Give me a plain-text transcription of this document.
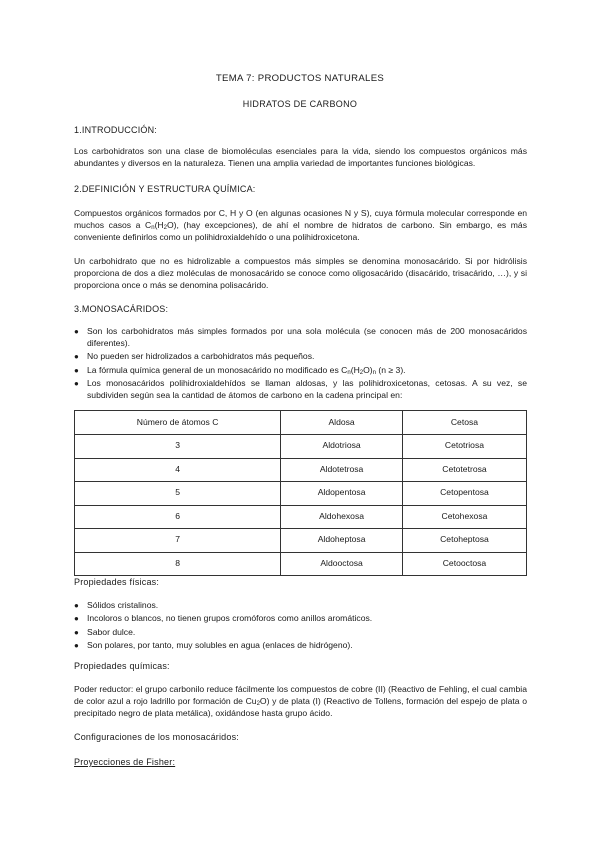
TEMA 7: PRODUCTOS NATURALES
HIDRATOS DE CARBONO
1.INTRODUCCIÓN:

Los carbohidratos son una clase de biomoléculas esenciales para la vida, siendo los compuestos orgánicos más abundantes y diversos en la naturaleza. Tienen una amplia variedad de importantes funciones biológicas.

2.DEFINICIÓN Y ESTRUCTURA QUÍMICA:

Compuestos orgánicos formados por C, H y O (en algunas ocasiones N y S), cuya fórmula molecular corresponde en muchos casos a $C_n(H_2O)$, (hay excepciones), de ahí el nombre de hidratos de carbono. Sin embargo, es más conveniente definirlos como un polihidroxialdehído o una polihidroxicetona.

Un carbohidrato que no es hidrolizable a compuestos más simples se denomina monosacárido. Si por hidrólisis proporciona de dos a diez moléculas de monosacárido se conoce como oligosacárido (disacárido, trisacárido, …), y si proporciona once o más se denomina polisacárido.

3.MONOSACÁRIDOS:
● Son los carbohidratos más simples formados por una sola molécula (se conocen más de 200 monosacáridos diferentes).
● No pueden ser hidrolizados a carbohidratos más pequeños.
● La fórmula química general de un monosacárido no modificado es $C_n(H_2O)_n$ (n ≥ 3).
● Los monosacáridos polihidroxialdehídos se llaman aldosas, y las polihidroxicetonas, cetosas. A su vez, se subdividen según sea la cantidad de átomos de carbono en la cadena principal en:
Número de átomos C	Aldosa	Cetosa
3	Aldotriosa	Cetotriosa
4	Aldotetrosa	Cetotetrosa
5	Aldopentosa	Cetopentosa
6	Aldohexosa	Cetohexosa
7	Aldoheptosa	Cetoheptosa
8	Aldooctosa	Cetooctosa
Propiedades físicas:
● Sólidos cristalinos.
● Incoloros o blancos, no tienen grupos cromóforos como anillos aromáticos.
● Sabor dulce.
● Son polares, por tanto, muy solubles en agua (enlaces de hidrógeno).
Propiedades químicas:

Poder reductor: el grupo carbonilo reduce fácilmente los compuestos de cobre (II) (Reactivo de Fehling, el cual cambia de color azul a rojo ladrillo por formación de $Cu_2O$) y de plata (I) (Reactivo de Tollens, formación del espejo de plata o precipitado negro de plata metálica), oxidándose hasta grupo ácido.

Configuraciones de los monosacáridos:
Proyecciones de Fisher:
